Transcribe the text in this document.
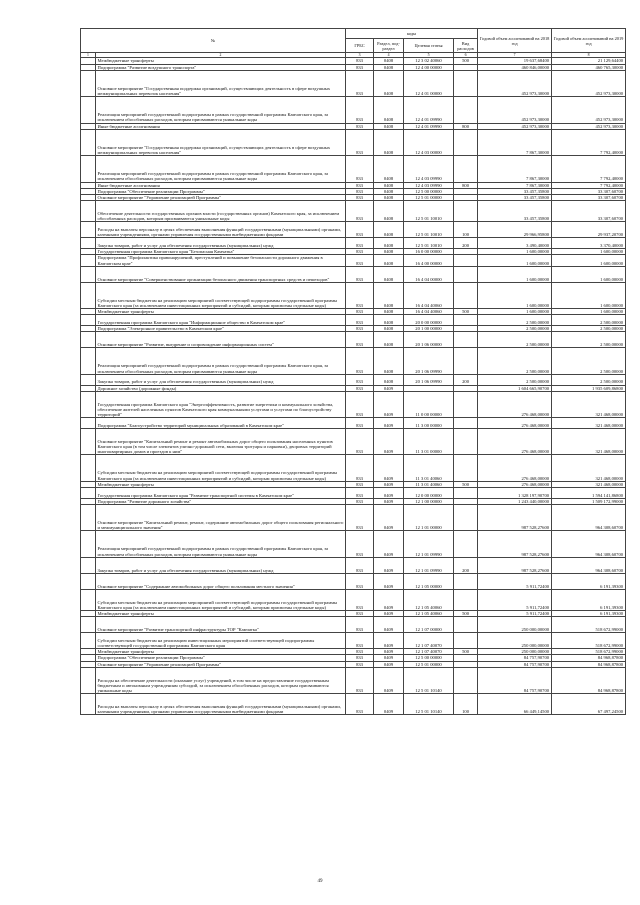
№		коды				Годовой объем ассигнований на 2018 год	Годовой объем ассигнований на 2019 год
		ГРБС	Раздел, под-раздел	Целевая статья	Вид расходов		
1	2	3	4	5	6	7	8
	Межбюджетные трансферты	833	0408	12 3 02 40060	500	19 637,68400	21 129,64400
	Подпрограмма "Развитие воздушного транспорта"	833	0408	12 4 00 00000		460 846,00000	460 765,30000
	Основное мероприятие "Государственная поддержка организаций, осуществляющих деятельность в сфере воздушных межмуниципальных перевозок населения"	833	0408	12 4 01 00000		452 973,30000	452 973,30000
	Реализация мероприятий государственной подпрограммы в рамках государственной программы Камчатского края, за исключением обособленных расходов, которым присваиваются уникальные коды	833	0408	12 4 01 09990		452 973,30000	452 973,30000
	Иные бюджетные ассигнования	833	0408	12 4 01 09990	800	452 973,30000	452 973,30000
	Основное мероприятие "Государственная поддержка организаций, осуществляющих деятельность в сфере воздушных межмуниципальных перевозок населения"	833	0408	12 4 03 00000		7 867,30000	7 792,40000
	Реализация мероприятий государственной подпрограммы в рамках государственной программы Камчатского края, за исключением обособленных расходов, которым присваиваются уникальные коды	833	0408	12 4 03 09990		7 867,30000	7 792,40000
	Иные бюджетные ассигнования	833	0408	12 4 03 09990	800	7 867,30000	7 792,40000
	Подпрограмма "Обеспечение реализации Программы"	833	0408	12 5 00 00000		33 457,35800	33 307,60700
	Основное мероприятие "Управление реализацией Программы"	833	0408	12 5 01 00000		33 457,35800	33 307,60700
	Обеспечение деятельности государственных органов власти (государственных органов) Камчатского края, за исключением обособленных расходов, которым присваиваются уникальные коды	833	0408	12 5 01 10010		33 457,35800	33 307,60700
	Расходы на выплаты персоналу в целях обеспечения выполнения функций государственными (муниципальными) органами, казенными учреждениями, органами управления государственными внебюджетными фондами	833	0408	12 5 01 10010	100	29 966,95800	29 937,20700
	Закупка товаров, работ и услуг для обеспечения государственных (муниципальных) нужд	833	0408	12 5 01 10010	200	3 490,40000	3 370,40000
	Государственная программа Камчатского края "Безопасная Камчатка"	833	0408	16 0 00 00000		1 600,00000	1 600,00000
	Подпрограмма "Профилактика правонарушений, преступлений и повышение безопасности дорожного движения в Камчатском крае"	833	0408	16 4 00 00000		1 600,00000	1 600,00000
	Основное мероприятие "Совершенствование организации безопасного движения транспортных средств и пешеходов"	833	0408	16 4 04 00000		1 600,00000	1 600,00000
	Субсидии местным бюджетам на реализацию мероприятий соответствующей подпрограммы государственной программы Камчатского края (за исключением инвестиционных мероприятий и субсидий, которым присвоены отдельные коды)	833	0408	16 4 04 40060		1 600,00000	1 600,00000
	Межбюджетные трансферты	833	0408	16 4 04 40060	500	1 600,00000	1 600,00000
	Государственная программа Камчатского края "Информационное общество в Камчатском крае"	833	0408	20 0 00 00000		2 500,00000	2 500,00000
	Подпрограмма "Электронное правительство в Камчатском крае"	833	0408	20 1 00 00000		2 500,00000	2 500,00000
	Основное мероприятие "Развитие, внедрение и сопровождение информационных систем"	833	0408	20 1 06 00000		2 500,00000	2 500,00000
	Реализация мероприятий государственной подпрограммы в рамках государственной программы Камчатского края, за исключением обособленных расходов, которым присваиваются уникальные коды	833	0408	20 1 06 09990		2 500,00000	2 500,00000
	Закупка товаров, работ и услуг для обеспечения государственных (муниципальных) нужд	833	0408	20 1 06 09990	200	2 500,00000	2 500,00000
	Дорожное хозяйство (дорожные фонды)	833	0409			1 604 665,90700	1 935 609,86800
	Государственная программа Камчатского края "Энергоэффективность, развитие энергетики и коммунального хозяйства, обеспечение жителей населенных пунктов Камчатского края коммунальными услугами и услугами по благоустройству территорий"	833	0409	11 0 00 00000		276 468,00000	321 468,00000
	Подпрограмма "Благоустройство территорий муниципальных образований в Камчатском крае"	833	0409	11 3 00 00000		276 468,00000	321 468,00000
	Основное мероприятие "Капитальный ремонт и ремонт автомобильных дорог общего пользования населенных пунктов Камчатского края (в том числе элементов улично-дорожной сети, включая тротуары и парковки), дворовых территорий многоквартирных домов и проездов к ним"	833	0409	11 3 01 00000		276 468,00000	321 468,00000
	Субсидии местным бюджетам на реализацию мероприятий соответствующей подпрограммы государственной программы Камчатского края (за исключением инвестиционных мероприятий и субсидий, которым присвоены отдельные коды)	833	0409	11 3 01 40060		276 468,00000	321 468,00000
	Межбюджетные трансферты	833	0409	11 3 01 40060	500	276 468,00000	321 468,00000
	Государственная программа Камчатского края "Развитие транспортной системы в Камчатском крае"	833	0409	12 0 00 00000		1 328 197,90700	1 594 141,86800
	Подпрограмма "Развитие дорожного хозяйства"	833	0409	12 1 00 00000		1 243 440,00000	1 509 172,99000
	Основное мероприятие "Капитальный ремонт, ремонт, содержание автомобильных дорог общего пользования регионального и межмуниципального значения"	833	0409	12 1 01 00000		987 528,27600	964 308,60700
	Реализация мероприятий государственной подпрограммы в рамках государственной программы Камчатского края, за исключением обособленных расходов, которым присваиваются уникальные коды	833	0409	12 1 01 09990		987 528,27600	964 308,60700
	Закупка товаров, работ и услуг для обеспечения государственных (муниципальных) нужд	833	0409	12 1 01 09990	200	987 528,27600	964 308,60700
	Основное мероприятие "Содержание автомобильных дорог общего пользования местного значения"	833	0409	12 1 05 00000		5 911,72400	6 191,39300
	Субсидии местным бюджетам на реализацию мероприятий соответствующей подпрограммы государственной программы Камчатского края (за исключением инвестиционных мероприятий и субсидий, которым присвоены отдельные коды)	833	0409	12 1 05 40060		5 911,72400	6 191,39300
	Межбюджетные трансферты	833	0409	12 1 05 40060	500	5 911,72400	6 191,39300
	Основное мероприятие "Развитие транспортной инфраструктуры ТОР "Камчатка"	833	0409	12 1 07 00000		250 000,00000	518 672,99000
	Субсидии местным бюджетам на реализацию инвестиционных мероприятий соответствующей подпрограммы соответствующей государственной программы Камчатского края	833	0409	12 1 07 40070		250 000,00000	518 672,99000
	Межбюджетные трансферты	833	0409	12 1 07 40070	500	250 000,00000	518 672,99000
	Подпрограмма "Обеспечение реализации Программы"	833	0409	12 5 00 00000		84 757,90700	84 968,87800
	Основное мероприятие "Управление реализацией Программы"	833	0409	12 5 01 00000		84 757,90700	84 968,87800
	Расходы на обеспечение деятельности (оказание услуг) учреждений, в том числе на предоставление государственным бюджетным и автономным учреждениям субсидий, за исключением обособленных расходов, которым присваиваются уникальные коды	833	0409	12 5 01 10140		84 757,90700	84 968,87800
	Расходы на выплаты персоналу в целях обеспечения выполнения функций государственными (муниципальными) органами, казенными учреждениями, органами управления государственными внебюджетными фондами	833	0409	12 5 01 10140	100	66 449,14500	67 497,24500
49
